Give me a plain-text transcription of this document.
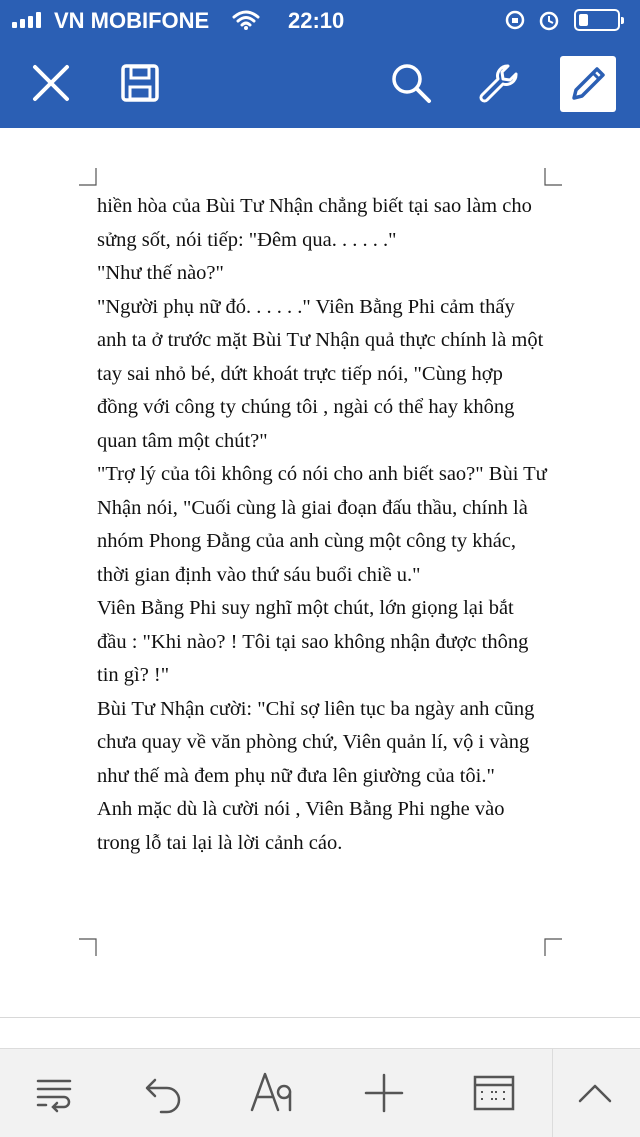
VN MOBIFONE	22:10

hiền hòa của Bùi Tư Nhận chẳng biết tại sao làm cho sửng sốt, nói tiếp: "Đêm qua. . . . . ."

"Như thế nào?"

"Người phụ nữ đó. . . . . ." Viên Bằng Phi cảm thấy anh ta ở trước mặt Bùi Tư Nhận quả thực chính là một tay sai nhỏ bé, dứt khoát trực tiếp nói, "Cùng hợp đồng với công ty chúng tôi , ngài có thể hay không quan tâm một chút?"

"Trợ lý của tôi không có nói cho anh biết sao?" Bùi Tư Nhận nói, "Cuối cùng là giai đoạn đấu thầu, chính là nhóm Phong Đằng của anh cùng một công ty khác, thời gian định vào thứ sáu buổi chiề u."

Viên Bằng Phi suy nghĩ một chút, lớn giọng lại bắt đầu : "Khi nào? ! Tôi tại sao không nhận được thông tin gì? !"

Bùi Tư Nhận cười: "Chỉ sợ liên tục ba ngày anh cũng chưa quay về văn phòng chứ, Viên quản lí, vộ i vàng như thế mà đem phụ nữ đưa lên giường của tôi."

Anh mặc dù là cười nói , Viên Bằng Phi nghe vào trong lỗ tai lại là lời cảnh cáo.
